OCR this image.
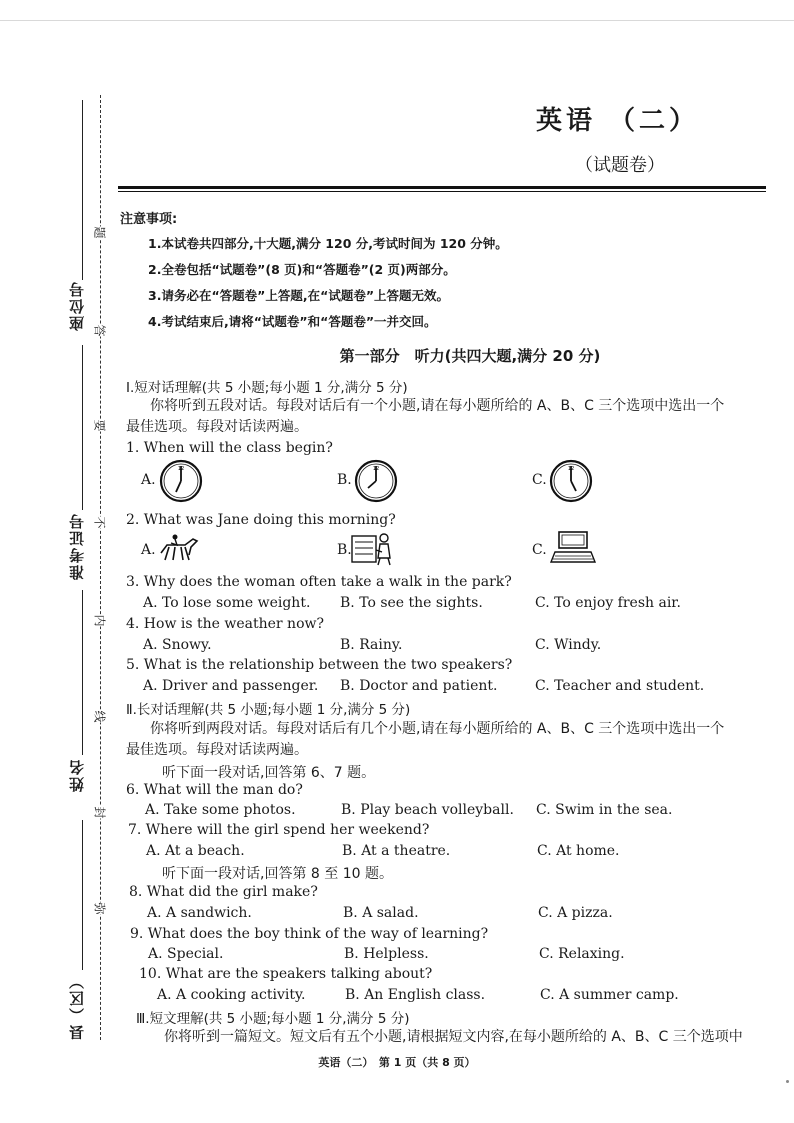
座位号
准考证号
姓名
县（区）
题
答
要
不
内
线
封
弥
英语 （二）
（试题卷）
注意事项:
1.本试卷共四部分,十大题,满分 120 分,考试时间为 120 分钟。
2.全卷包括“试题卷”(8 页)和“答题卷”(2 页)两部分。
3.请务必在“答题卷”上答题,在“试题卷”上答题无效。
4.考试结束后,请将“试题卷”和“答题卷”一并交回。
第一部分　听力(共四大题,满分 20 分)
Ⅰ.短对话理解(共 5 小题;每小题 1 分,满分 5 分)
你将听到五段对话。每段对话后有一个小题,请在每小题所给的 A、B、C 三个选项中选出一个
最佳选项。每段对话读两遍。
1. When will the class begin?
A.
12
B.
12
C.
12
2. What was Jane doing this morning?
A.	B.	C.
3. Why does the woman often take a walk in the park?
A. To lose some weight. B. To see the sights.	C. To enjoy fresh air.
4. How is the weather now?
A. Snowy.	B. Rainy.	C. Windy.
5. What is the relationship between the two speakers?
A. Driver and passenger. B. Doctor and patient.	C. Teacher and student.
Ⅱ.长对话理解(共 5 小题;每小题 1 分,满分 5 分)
你将听到两段对话。每段对话后有几个小题,请在每小题所给的 A、B、C 三个选项中选出一个
最佳选项。每段对话读两遍。
听下面一段对话,回答第 6、7 题。
6. What will the man do?
A. Take some photos.	B. Play beach volleyball. C. Swim in the sea.
7. Where will the girl spend her weekend?
A. At a beach.	B. At a theatre.	C. At home.
听下面一段对话,回答第 8 至 10 题。
8. What did the girl make?
A. A sandwich.	B. A salad.	C. A pizza.
9. What does the boy think of the way of learning?
A. Special.	B. Helpless.	C. Relaxing.
10. What are the speakers talking about?
A. A cooking activity.	B. An English class.	C. A summer camp.
Ⅲ.短文理解(共 5 小题;每小题 1 分,满分 5 分)
你将听到一篇短文。短文后有五个小题,请根据短文内容,在每小题所给的 A、B、C 三个选项中
英语（二）　第 1 页（共 8 页）
